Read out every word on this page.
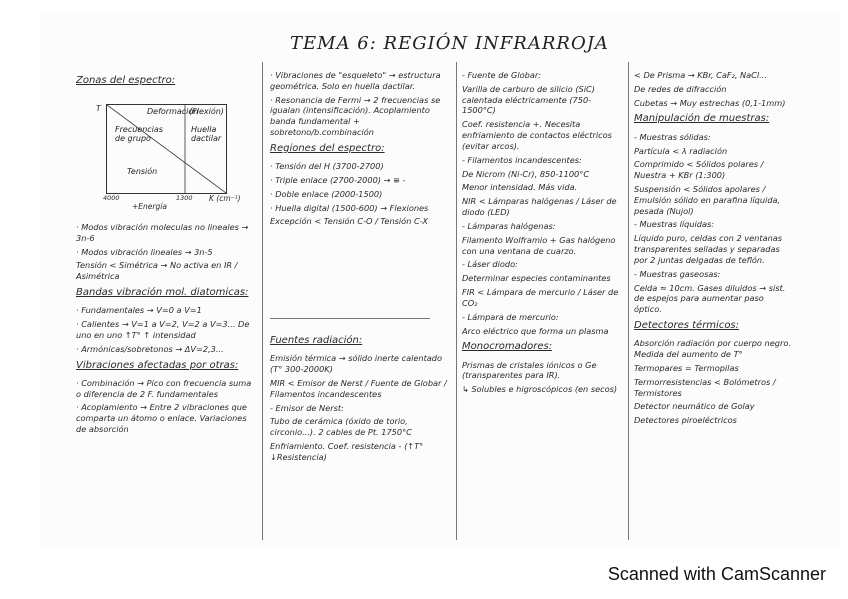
TEMA 6: REGIÓN INFRARROJA
Zonas del espectro:
Deformación
(Flexión)
Frecuencias de grupo
Huella dactilar
Tensión
T
4000	1300 K (cm⁻¹)
+Energía

· Modos vibración moleculas no lineales → 3n-6

· Modos vibración lineales → 3n-5

Tensión < Simétrica → No activa en IR / Asimétrica

Bandas vibración mol. diatomicas:

· Fundamentales → V=0 a V=1

· Calientes → V=1 a V=2, V=2 a V=3... De uno en uno ↑T° ↑ intensidad

· Armónicas/sobretonos → ΔV=2,3...

Vibraciones afectadas por otras:

· Combinación → Pico con frecuencia suma o diferencia de 2 F. fundamentales

· Acoplamiento → Entre 2 vibraciones que comparta un átomo o enlace. Variaciones de absorción

· Vibraciones de "esqueleto" → estructura geométrica. Solo en huella dactilar.

· Resonancia de Fermi → 2 frecuencias se igualan (intensificación). Acoplamiento banda fundamental + sobretono/b.combinación

Regiones del espectro:

· Tensión del H (3700-2700)

· Triple enlace (2700-2000) → ≡ -

· Doble enlace (2000-1500)

· Huella digital (1500-600) → Flexiones

Excepción < Tensión C-O / Tensión C-X

Fuentes radiación:

Emisión térmica → sólido inerte calentado (T° 300-2000K)

MIR < Emisor de Nerst / Fuente de Globar / Filamentos incandescentes

- Emisor de Nerst:

Tubo de cerámica (óxido de torio, circonio...). 2 cables de Pt. 1750°C

Enfriamiento. Coef. resistencia - (↑T° ↓Resistencia)

- Fuente de Globar:

Varilla de carburo de silicio (SiC) calentada eléctricamente (750-1500°C)

Coef. resistencia +. Necesita enfriamiento de contactos eléctricos (evitar arcos).

- Filamentos incandescentes:

De Nicrom (Ni-Cr), 850-1100°C

Menor intensidad. Más vida.

NIR < Lámparas halógenas / Láser de diodo (LED)

- Lámparas halógenas:

Filamento Wolframio + Gas halógeno con una ventana de cuarzo.

- Láser diodo:

Determinar especies contaminantes

FIR < Lámpara de mercurio / Láser de CO₂

- Lámpara de mercurio:

Arco eléctrico que forma un plasma

Monocromadores:

Prismas de cristales iónicos o Ge (transparentes para IR).

↳ Solubles e higroscópicos (en secos)

< De Prisma → KBr, CaF₂, NaCl...

De redes de difracción

Cubetas → Muy estrechas (0,1-1mm)

Manipulación de muestras:

- Muestras sólidas:

Partícula < λ radiación

Comprimido < Sólidos polares / Nuestra + KBr (1:300)

Suspensión < Sólidos apolares / Emulsión sólido en parafina líquida, pesada (Nujol)

- Muestras líquidas:

Líquido puro, celdas con 2 ventanas transparentes selladas y separadas por 2 juntas delgadas de teflón.

- Muestras gaseosas:

Celda ≈ 10cm. Gases diluidos → sist. de espejos para aumentar paso óptico.

Detectores térmicos:

Absorción radiación por cuerpo negro. Medida del aumento de T°

Termopares = Termopilas

Termorresistencias < Bolómetros / Termistores

Detector neumático de Golay

Detectores piroeléctricos

Scanned with CamScanner
